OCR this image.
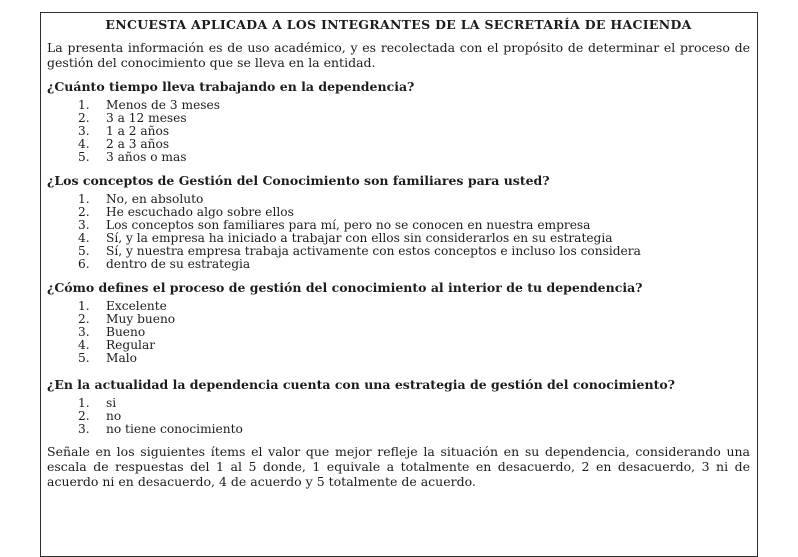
ENCUESTA APLICADA A LOS INTEGRANTES DE LA SECRETARÍA DE HACIENDA
La presenta información es de uso académico, y es recolectada con el propósito de determinar el proceso de gestión del conocimiento que se lleva en la entidad.
¿Cuánto tiempo lleva trabajando en la dependencia?
1.	Menos de 3 meses
2.	3 a 12 meses
3.	1 a 2 años
4.	2 a 3 años
5.	3 años o mas
¿Los conceptos de Gestión del Conocimiento son familiares para usted?
1.	No, en absoluto
2.	He escuchado algo sobre ellos
3.	Los conceptos son familiares para mí, pero no se conocen en nuestra empresa
4.	Sí, y la empresa ha iniciado a trabajar con ellos sin considerarlos en su estrategia
5.	Sí, y nuestra empresa trabaja activamente con estos conceptos e incluso los considera
6.	dentro de su estrategia
¿Cómo defines el proceso de gestión del conocimiento al interior de tu dependencia?
1.	Excelente
2.	Muy bueno
3.	Bueno
4.	Regular
5.	Malo
¿En la actualidad la dependencia cuenta con una estrategia de gestión del conocimiento?
1.	si
2.	no
3.	no tiene conocimiento
Señale en los siguientes ítems el valor que mejor refleje la situación en su dependencia, considerando una escala de respuestas del 1 al 5 donde, 1 equivale a totalmente en desacuerdo, 2 en desacuerdo, 3 ni de acuerdo ni en desacuerdo, 4 de acuerdo y 5 totalmente de acuerdo.
